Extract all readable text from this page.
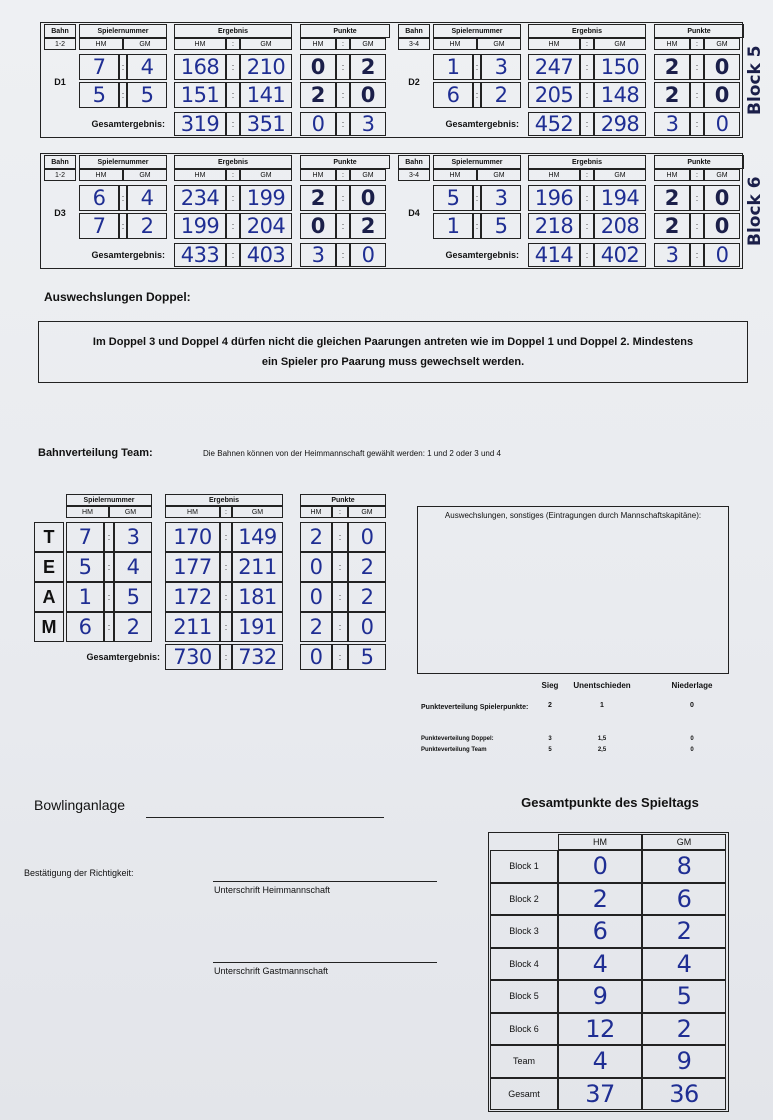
Bahn
1-2
D1
Spielernummer
HM	GM
Ergebnis
HM	:	GM
Punkte
HM	:	GM
7	: 4	168	: 210	0	: 2
5	: 5	151	: 141	2	: 0
Gesamtergebnis: 319	: 351	0	: 3
Bahn
3-4
D2
Spielernummer
HM	GM
Ergebnis
HM	:	GM
Punkte
HM	:	GM
1	: 3	247	: 150	2	: 0
6	: 2	205	: 148	2	: 0
Gesamtergebnis: 452	: 298	3	: 0
Block 5
Bahn
1-2
D3
Spielernummer
HM	GM
Ergebnis
HM	:	GM
Punkte
HM	:	GM
6	: 4	234	: 199	2	: 0
7	: 2	199	: 204	0	: 2
Gesamtergebnis: 433	: 403	3	: 0
Bahn
3-4
D4
Spielernummer
HM	GM
Ergebnis
HM	:	GM
Punkte
HM	:	GM
5	: 3	196	: 194	2	: 0
1	: 5	218	: 208	2	: 0
Gesamtergebnis: 414	: 402	3	: 0
Block 6
Auswechslungen Doppel:
Im Doppel 3 und Doppel 4 dürfen nicht die gleichen Paarungen antreten wie im Doppel 1 und Doppel 2. Mindestens
ein Spieler pro Paarung muss gewechselt werden.
Bahnverteilung Team:	Die Bahnen können von der Heimmannschaft gewählt werden: 1 und 2 oder 3 und 4
Spielernummer
HM	GM
Ergebnis
HM	:	GM
Punkte
HM	:	GM
T	7	: 3	170	: 149	2	: 0
E	5	: 4	177	: 211	0	: 2
A	1	: 5	172	: 181	0	: 2
M	6	: 2	211	: 191	2	: 0
Gesamtergebnis: 730	: 732	0	: 5
Auswechslungen, sonstiges (Eintragungen durch Mannschaftskapitäne):
Sieg	Unentschieden	Niederlage
Punkteverteilung Spielerpunkte:	2	1	0
Punkteverteilung Doppel:	3	1,5	0
Punkteverteilung Team	5	2,5	0
Bowlinganlage
Bestätigung der Richtigkeit:
Unterschrift Heimmannschaft
Unterschrift Gastmannschaft
Gesamtpunkte des Spieltags
HM	GM
Block 1	0	8
Block 2	2	6
Block 3	6	2
Block 4	4	4
Block 5	9	5
Block 6	12	2
Team	4	9
Gesamt	37	36
